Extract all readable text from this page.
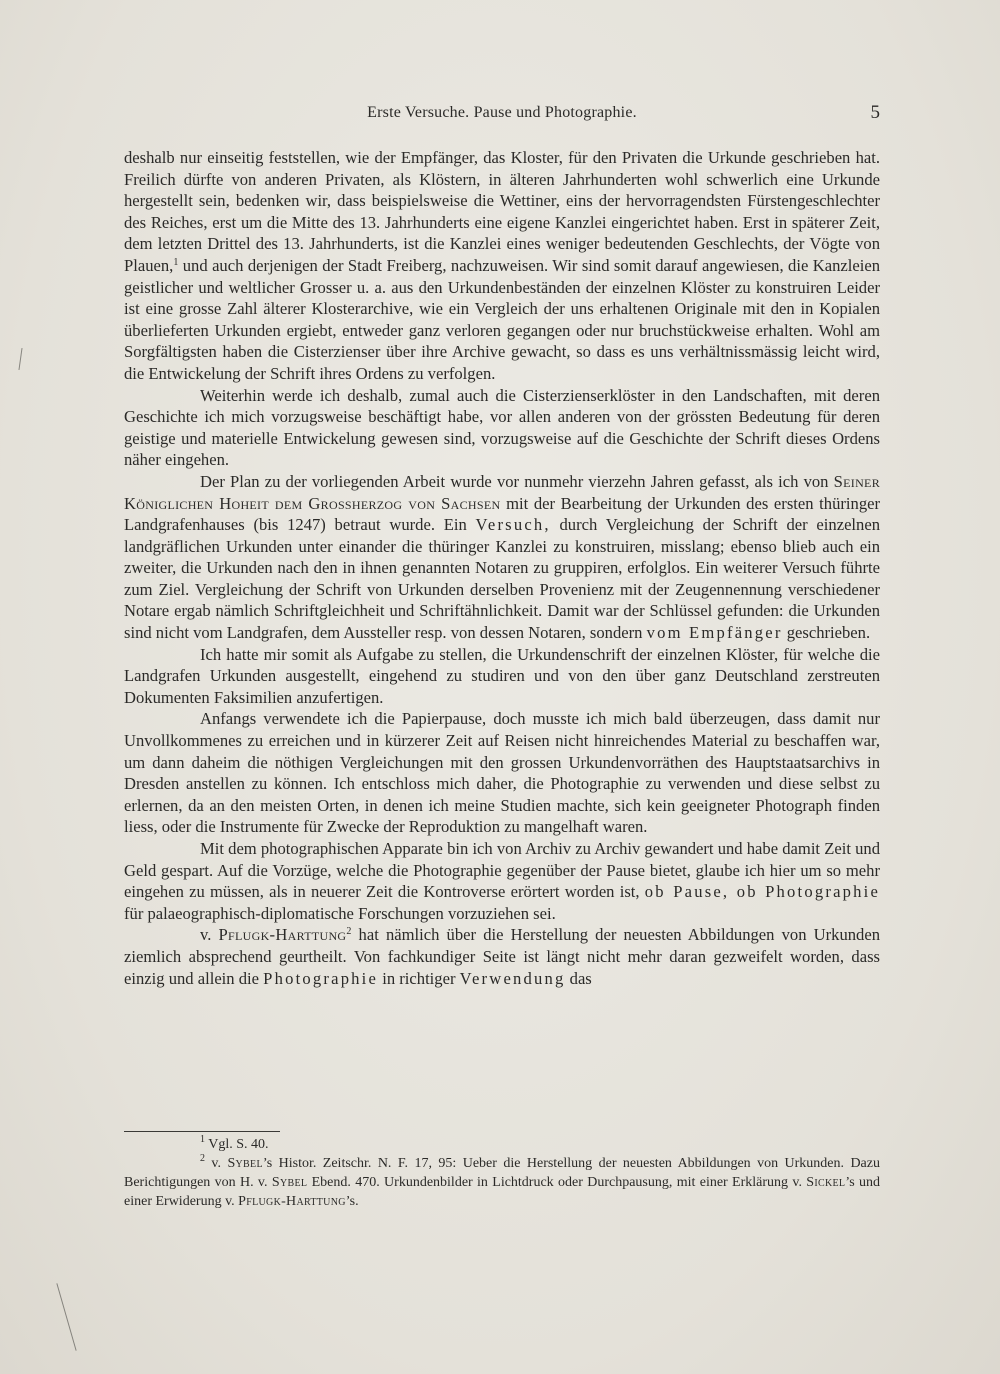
Erste Versuche. Pause und Photographie.	5

deshalb nur einseitig feststellen, wie der Empfänger, das Kloster, für den Privaten die Urkunde geschrieben hat. Freilich dürfte von anderen Privaten, als Klöstern, in älteren Jahrhunderten wohl schwerlich eine Urkunde hergestellt sein, bedenken wir, dass beispielsweise die Wettiner, eins der hervorragendsten Fürstengeschlechter des Reiches, erst um die Mitte des 13. Jahrhunderts eine eigene Kanzlei eingerichtet haben. Erst in späterer Zeit, dem letzten Drittel des 13. Jahrhunderts, ist die Kanzlei eines weniger bedeutenden Geschlechts, der Vögte von Plauen,$^1$ und auch derjenigen der Stadt Freiberg, nachzuweisen. Wir sind somit darauf angewiesen, die Kanzleien geistlicher und weltlicher Grosser u. a. aus den Urkundenbeständen der einzelnen Klöster zu konstruiren Leider ist eine grosse Zahl älterer Klosterarchive, wie ein Vergleich der uns erhaltenen Originale mit den in Kopialen überlieferten Urkunden ergiebt, entweder ganz verloren gegangen oder nur bruchstückweise erhalten. Wohl am Sorgfältigsten haben die Cisterzienser über ihre Archive gewacht, so dass es uns verhältnissmässig leicht wird, die Entwickelung der Schrift ihres Ordens zu verfolgen.

Weiterhin werde ich deshalb, zumal auch die Cisterzienserklöster in den Landschaften, mit deren Geschichte ich mich vorzugsweise beschäftigt habe, vor allen anderen von der grössten Bedeutung für deren geistige und materielle Entwickelung gewesen sind, vorzugsweise auf die Geschichte der Schrift dieses Ordens näher eingehen.

Der Plan zu der vorliegenden Arbeit wurde vor nunmehr vierzehn Jahren gefasst, als ich von Seiner Königlichen Hoheit dem Grossherzog von Sachsen mit der Bearbeitung der Urkunden des ersten thüringer Landgrafenhauses (bis 1247) betraut wurde. Ein Versuch, durch Vergleichung der Schrift der einzelnen landgräflichen Urkunden unter einander die thüringer Kanzlei zu konstruiren, misslang; ebenso blieb auch ein zweiter, die Urkunden nach den in ihnen genannten Notaren zu gruppiren, erfolglos. Ein weiterer Versuch führte zum Ziel. Vergleichung der Schrift von Urkunden derselben Provenienz mit der Zeugennennung verschiedener Notare ergab nämlich Schriftgleichheit und Schriftähnlichkeit. Damit war der Schlüssel gefunden: die Urkunden sind nicht vom Landgrafen, dem Aussteller resp. von dessen Notaren, sondern vom Empfänger geschrieben.

Ich hatte mir somit als Aufgabe zu stellen, die Urkundenschrift der einzelnen Klöster, für welche die Landgrafen Urkunden ausgestellt, eingehend zu studiren und von den über ganz Deutschland zerstreuten Dokumenten Faksimilien anzufertigen.

Anfangs verwendete ich die Papierpause, doch musste ich mich bald überzeugen, dass damit nur Unvollkommenes zu erreichen und in kürzerer Zeit auf Reisen nicht hinreichendes Material zu beschaffen war, um dann daheim die nöthigen Vergleichungen mit den grossen Urkundenvorräthen des Hauptstaatsarchivs in Dresden anstellen zu können. Ich entschloss mich daher, die Photographie zu verwenden und diese selbst zu erlernen, da an den meisten Orten, in denen ich meine Studien machte, sich kein geeigneter Photograph finden liess, oder die Instrumente für Zwecke der Reproduktion zu mangelhaft waren.

Mit dem photographischen Apparate bin ich von Archiv zu Archiv gewandert und habe damit Zeit und Geld gespart. Auf die Vorzüge, welche die Photographie gegenüber der Pause bietet, glaube ich hier um so mehr eingehen zu müssen, als in neuerer Zeit die Kontroverse erörtert worden ist, ob Pause, ob Photographie für palaeographisch-diplomatische Forschungen vorzuziehen sei.

v. Pflugk-Harttung$^2$ hat nämlich über die Herstellung der neuesten Abbildungen von Urkunden ziemlich absprechend geurtheilt. Von fachkundiger Seite ist längt nicht mehr daran gezweifelt worden, dass einzig und allein die Photographie in richtiger Verwendung das

$^1$ Vgl. S. 40.

$^2$ v. Sybel’s Histor. Zeitschr. N. F. 17, 95: Ueber die Herstellung der neuesten Abbildungen von Urkunden. Dazu Berichtigungen von H. v. Sybel Ebend. 470. Urkundenbilder in Lichtdruck oder Durchpausung, mit einer Erklärung v. Sickel’s und einer Erwiderung v. Pflugk-Harttung’s.
